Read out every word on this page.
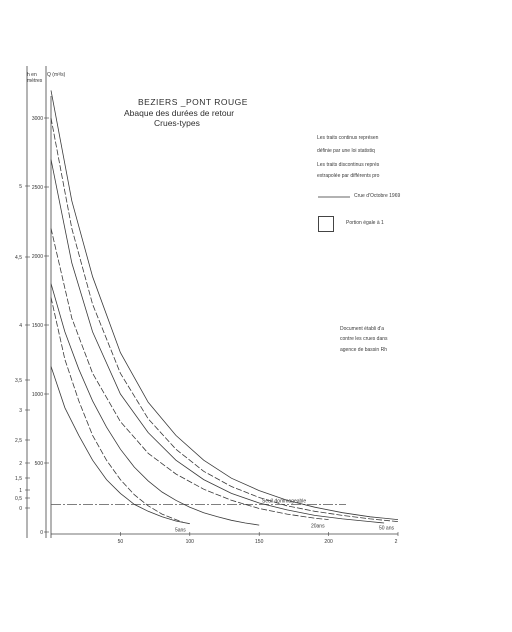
5
4,5
4
3,5
3
2,5
2
1,5
1
0,5
0
3000
2500
2000
1500
1000
500
0
50	100	150	200	2
Seuil dommageable
5ans
20ans	50 ans
h en
mètres
Q (m³/s)
BEZIERS _PONT ROUGE
Abaque des durées de retour
Crues-types
Les traits continus représen
définie par une loi statistiq
Les traits discontinus représ
extrapolée par différents pro
Crue d'Octobre 1969
Portion égale à 1
Document établi d'a
contre les crues dans
agence de bassin Rh
